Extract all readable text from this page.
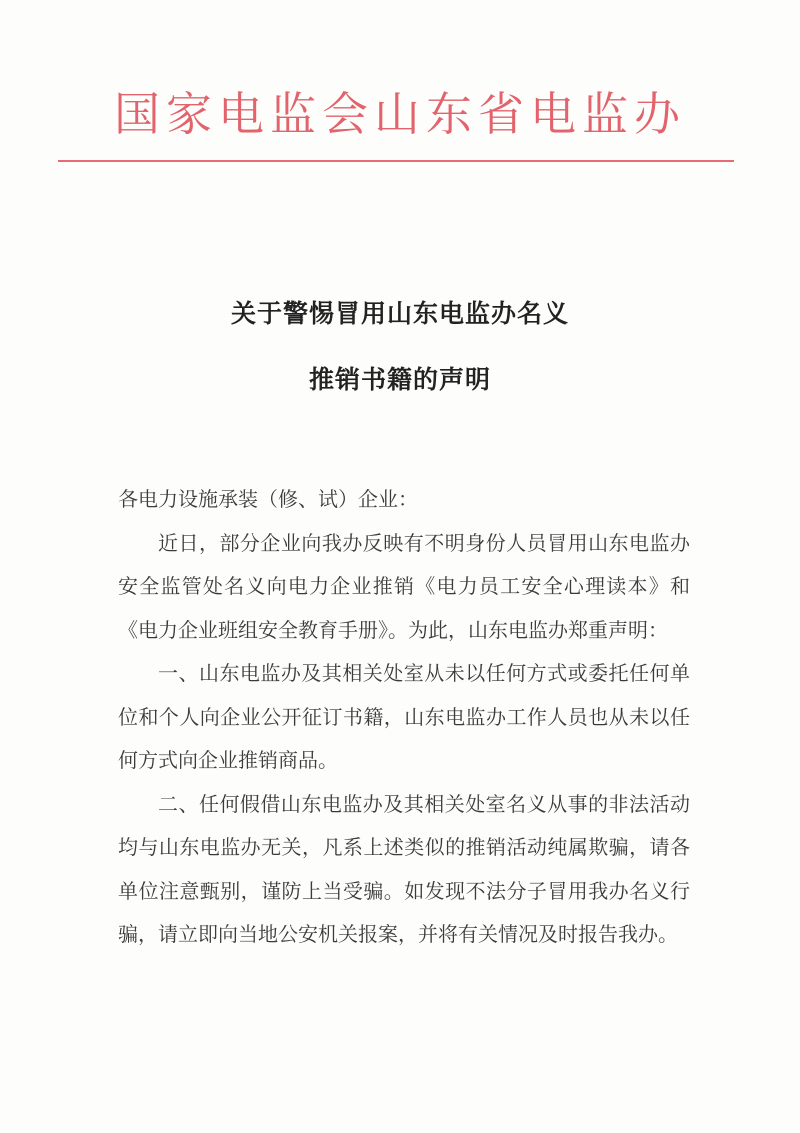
国家电监会山东省电监办
关于警惕冒用山东电监办名义
推销书籍的声明

各电力设施承装（修、试）企业：

近日，部分企业向我办反映有不明身份人员冒用山东电监办安全监管处名义向电力企业推销《电力员工安全心理读本》和《电力企业班组安全教育手册》。为此，山东电监办郑重声明：

一、山东电监办及其相关处室从未以任何方式或委托任何单位和个人向企业公开征订书籍，山东电监办工作人员也从未以任何方式向企业推销商品。

二、任何假借山东电监办及其相关处室名义从事的非法活动均与山东电监办无关，凡系上述类似的推销活动纯属欺骗，请各单位注意甄别，谨防上当受骗。如发现不法分子冒用我办名义行骗，请立即向当地公安机关报案，并将有关情况及时报告我办。
